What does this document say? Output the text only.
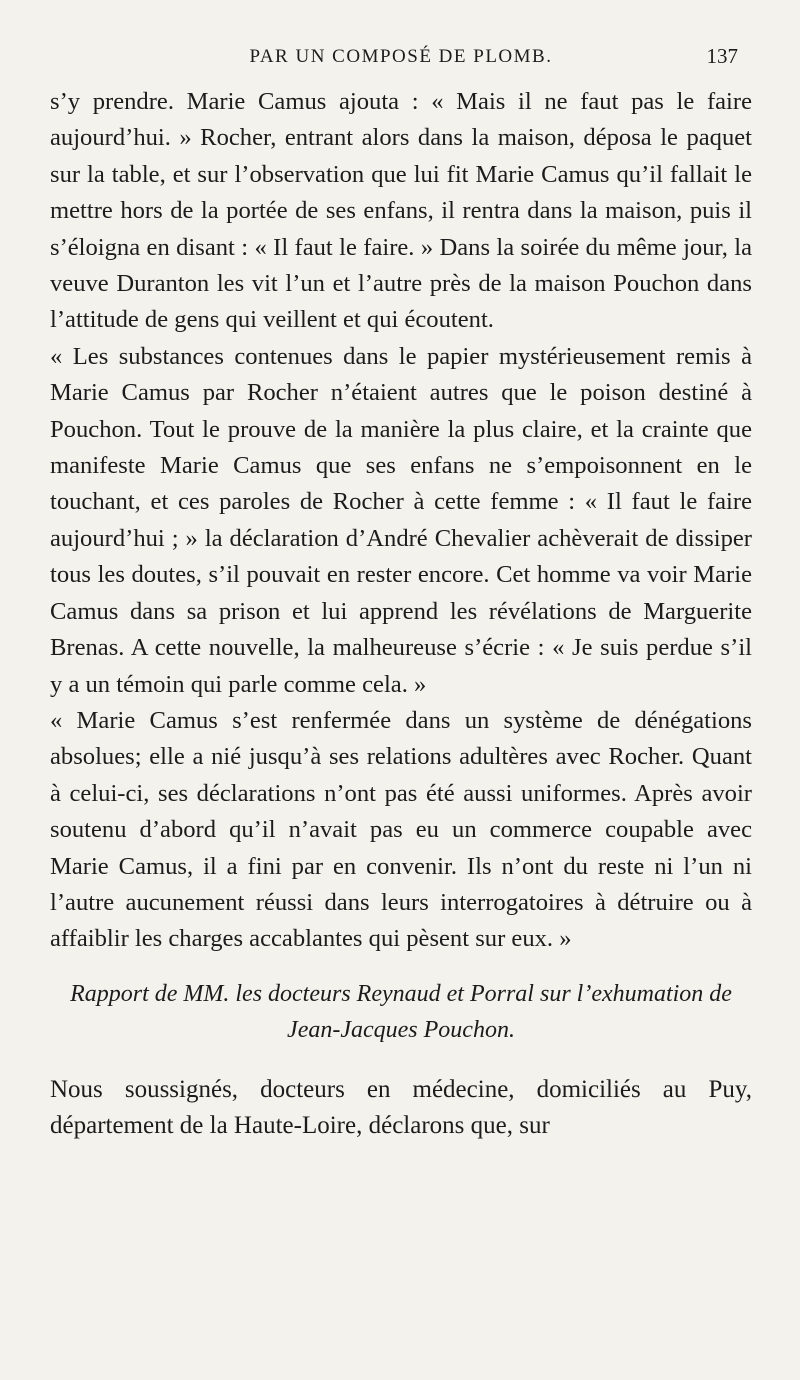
PAR UN COMPOSÉ DE PLOMB.	137

s’y prendre. Marie Camus ajouta : « Mais il ne faut pas le faire aujourd’hui. » Rocher, entrant alors dans la maison, déposa le paquet sur la table, et sur l’observation que lui fit Marie Camus qu’il fallait le mettre hors de la portée de ses enfans, il rentra dans la maison, puis il s’éloigna en disant : « Il faut le faire. » Dans la soirée du même jour, la veuve Duranton les vit l’un et l’autre près de la maison Pouchon dans l’attitude de gens qui veillent et qui écoutent.

« Les substances contenues dans le papier mystérieusement remis à Marie Camus par Rocher n’étaient autres que le poison destiné à Pouchon. Tout le prouve de la manière la plus claire, et la crainte que manifeste Marie Camus que ses enfans ne s’empoisonnent en le touchant, et ces paroles de Rocher à cette femme : « Il faut le faire aujourd’hui ; » la déclaration d’André Chevalier achèverait de dissiper tous les doutes, s’il pouvait en rester encore. Cet homme va voir Marie Camus dans sa prison et lui apprend les révélations de Marguerite Brenas. A cette nouvelle, la malheureuse s’écrie : « Je suis perdue s’il y a un témoin qui parle comme cela. »

« Marie Camus s’est renfermée dans un système de dénégations absolues; elle a nié jusqu’à ses relations adultères avec Rocher. Quant à celui-ci, ses déclarations n’ont pas été aussi uniformes. Après avoir soutenu d’abord qu’il n’avait pas eu un commerce coupable avec Marie Camus, il a fini par en convenir. Ils n’ont du reste ni l’un ni l’autre aucunement réussi dans leurs interrogatoires à détruire ou à affaiblir les charges accablantes qui pèsent sur eux. »

Rapport de MM. les docteurs Reynaud et Porral sur l’exhumation de Jean-Jacques Pouchon.

Nous soussignés, docteurs en médecine, domiciliés au Puy, département de la Haute-Loire, déclarons que, sur
